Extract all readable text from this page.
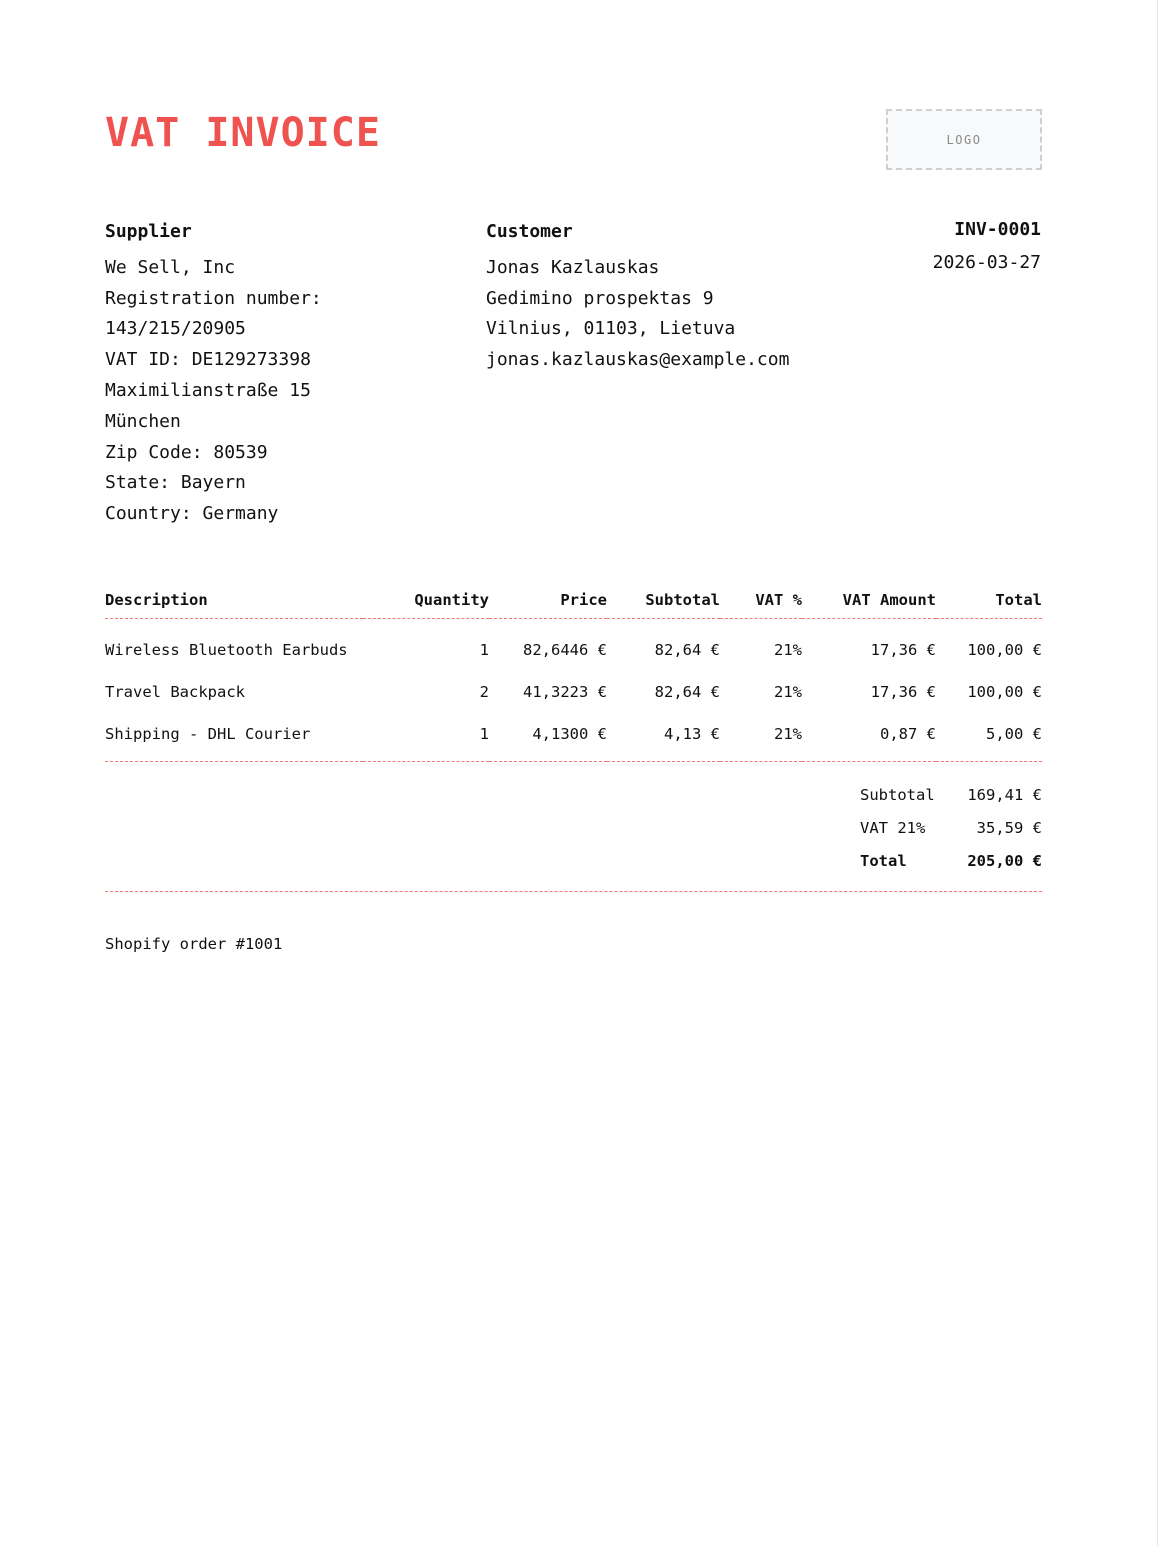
VAT INVOICE	LOGO
Supplier
We Sell, Inc
Registration number:
143/215/20905
VAT ID: DE129273398
Maximilianstraße 15
München
Zip Code: 80539
State: Bayern
Country: Germany
Customer
Jonas Kazlauskas
Gedimino prospektas 9
Vilnius, 01103, Lietuva
jonas.kazlauskas@example.com
INV-0001
2026-03-27
Description	Quantity	Price	Subtotal	VAT %	VAT Amount	Total
Wireless Bluetooth Earbuds	1	82,6446 €	82,64 €	21%	17,36 €	100,00 €
Travel Backpack	2	41,3223 €	82,64 €	21%	17,36 €	100,00 €
Shipping - DHL Courier	1	4,1300 €	4,13 €	21%	0,87 €	5,00 €
Subtotal 169,41 €
VAT 21%	35,59 €
Total	205,00 €
Shopify order #1001
